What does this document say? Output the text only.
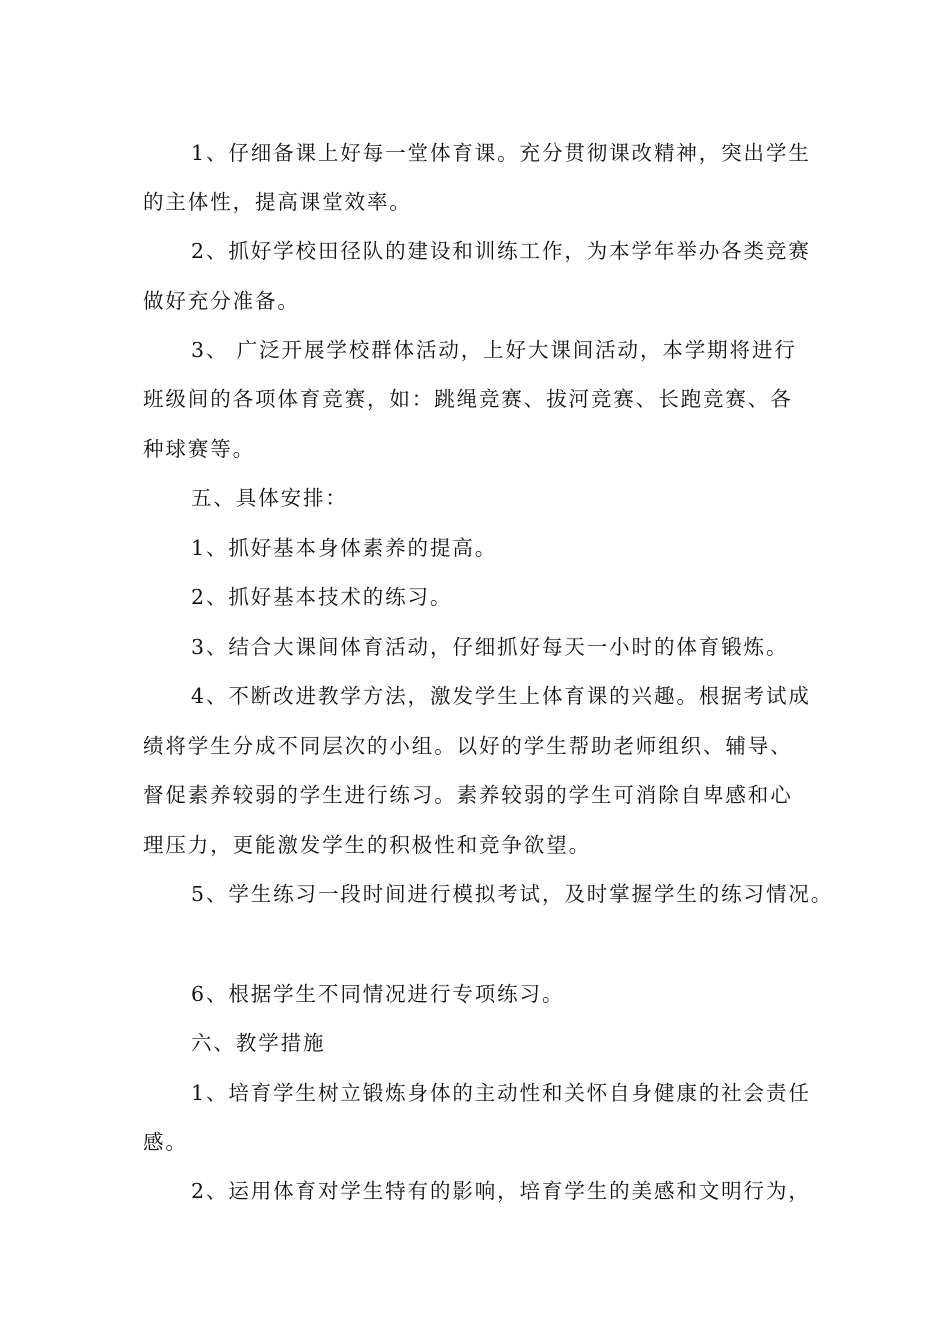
1、仔细备课上好每一堂体育课。充分贯彻课改精神，突出学生
的主体性，提高课堂效率。
2、抓好学校田径队的建设和训练工作，为本学年举办各类竞赛
做好充分准备。
3、 广泛开展学校群体活动，上好大课间活动，本学期将进行
班级间的各项体育竞赛，如：跳绳竞赛、拔河竞赛、长跑竞赛、各
种球赛等。
五、具体安排：
1、抓好基本身体素养的提高。
2、抓好基本技术的练习。
3、结合大课间体育活动，仔细抓好每天一小时的体育锻炼。
4、不断改进教学方法，激发学生上体育课的兴趣。根据考试成
绩将学生分成不同层次的小组。以好的学生帮助老师组织、辅导、
督促素养较弱的学生进行练习。素养较弱的学生可消除自卑感和心
理压力，更能激发学生的积极性和竞争欲望。
5、学生练习一段时间进行模拟考试，及时掌握学生的练习情况。
6、根据学生不同情况进行专项练习。
六、教学措施
1、培育学生树立锻炼身体的主动性和关怀自身健康的社会责任
感。
2、运用体育对学生特有的影响，培育学生的美感和文明行为，
